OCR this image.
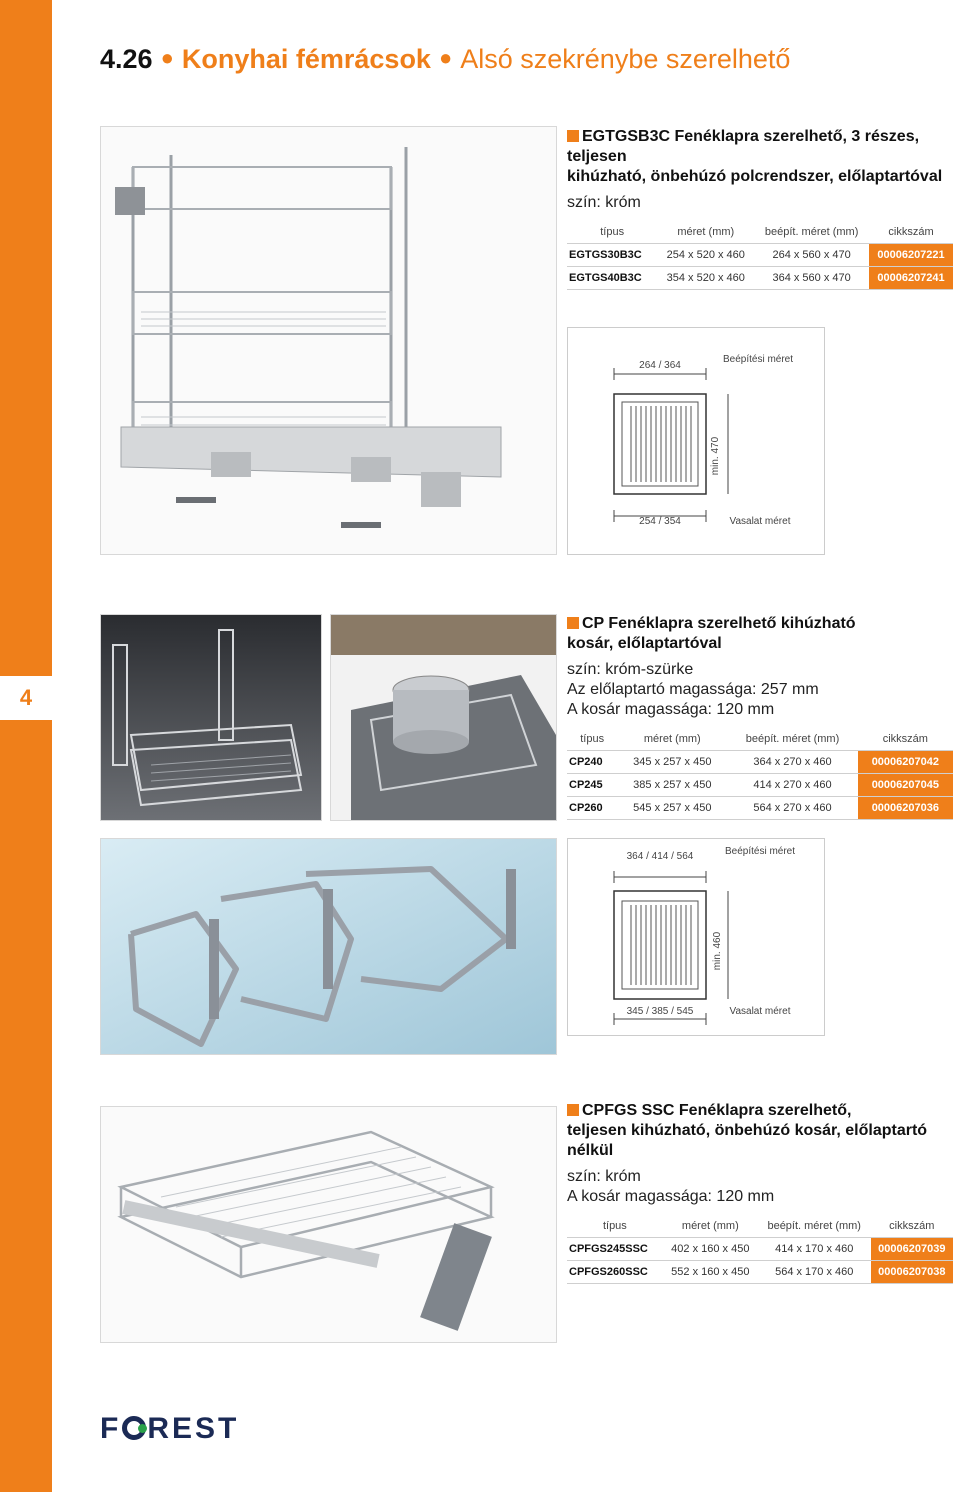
4
4.26 ● Konyhai fémrácsok ● Alsó szekrénybe szerelhető
EGTGSB3C Fenéklapra szerelhető, 3 részes, teljesen
kihúzható, önbehúzó polcrendszer, előlaptartóval
szín: króm
típus	méret (mm)	beépít. méret (mm)	cikkszám
EGTGS30B3C	254 x 520 x 460	264 x 560 x 470	00006207221
EGTGS40B3C	354 x 520 x 460	364 x 560 x 470	00006207241
264 / 364
Beépítési méret
min. 470
254 / 354	Vasalat méret
CP Fenéklapra szerelhető kihúzható
kosár, előlaptartóval
szín: króm-szürke
Az előlaptartó magassága: 257 mm
A kosár magassága: 120 mm
típus	méret (mm)	beépít. méret (mm)	cikkszám
CP240	345 x 257 x 450	364 x 270 x 460	00006207042
CP245	385 x 257 x 450	414 x 270 x 460	00006207045
CP260	545 x 257 x 450	564 x 270 x 460	00006207036
364 / 414 / 564	Beépítési méret
min. 460
345 / 385 / 545	Vasalat méret
CPFGS SSC Fenéklapra szerelhető,
teljesen kihúzható, önbehúzó kosár, előlaptartó nélkül
szín: króm
A kosár magassága: 120 mm
típus	méret (mm)	beépít. méret (mm)	cikkszám
CPFGS245SSC	402 x 160 x 450	414 x 170 x 460	00006207039
CPFGS260SSC	552 x 160 x 450	564 x 170 x 460	00006207038
F REST
